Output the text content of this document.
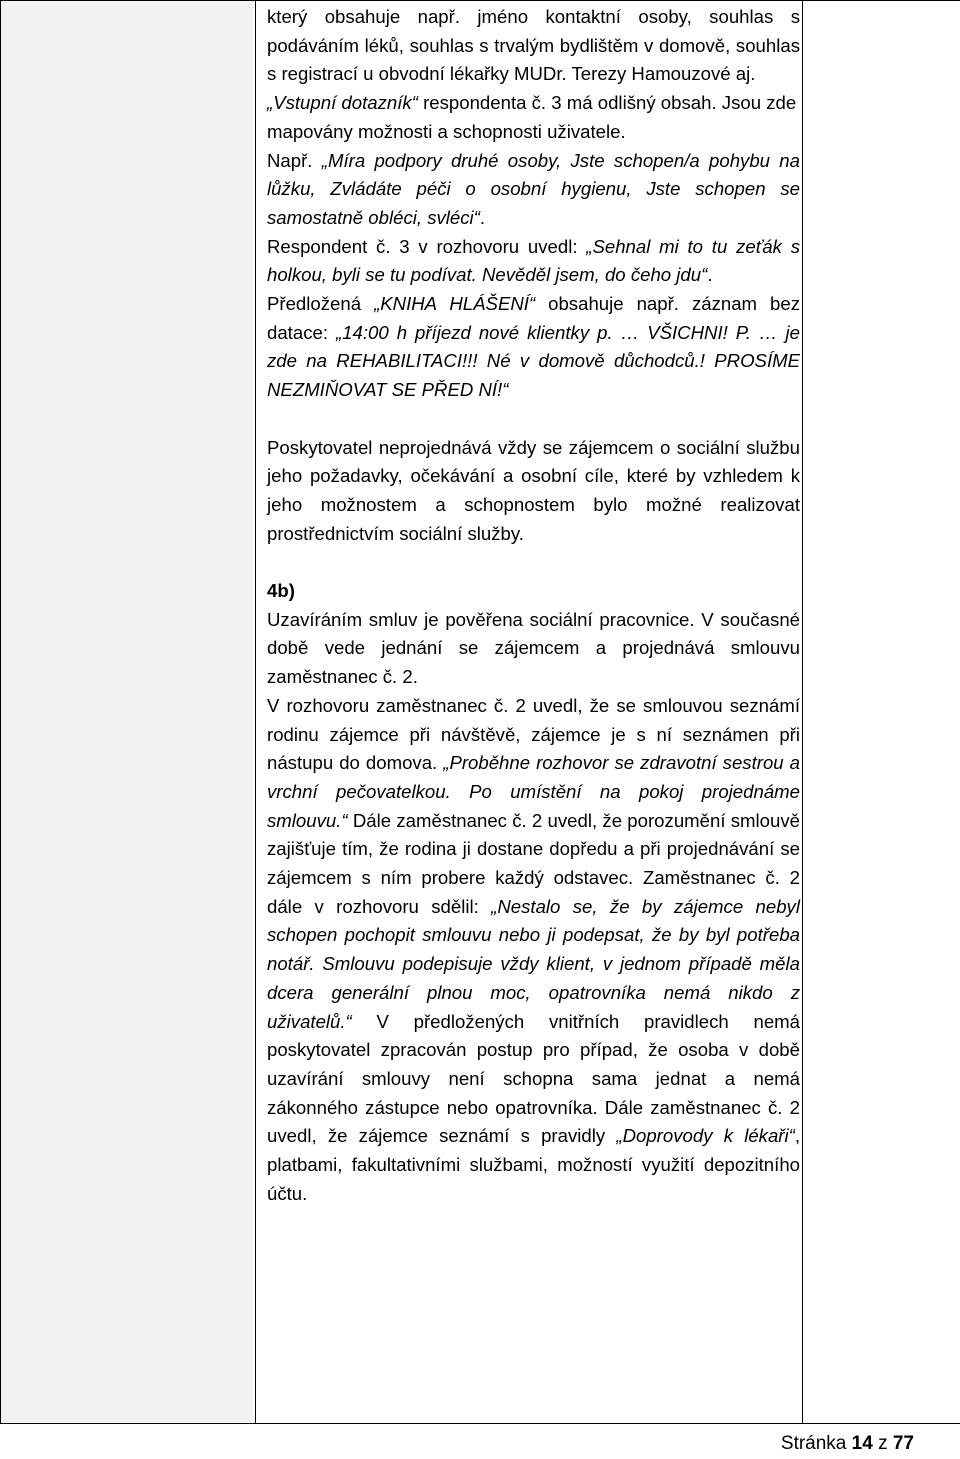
který obsahuje např. jméno kontaktní osoby, souhlas s podáváním léků, souhlas s trvalým bydlištěm v domově, souhlas s registrací u obvodní lékařky MUDr. Terezy Hamouzové aj.

„Vstupní dotazník“ respondenta č. 3 má odlišný obsah. Jsou zde mapovány možnosti a schopnosti uživatele.

Např. „Míra podpory druhé osoby, Jste schopen/a pohybu na lůžku, Zvládáte péči o osobní hygienu, Jste schopen se samostatně obléci, svléci“.

Respondent č. 3 v rozhovoru uvedl: „Sehnal mi to tu zeťák s holkou, byli se tu podívat. Nevěděl jsem, do čeho jdu“.

Předložená „KNIHA HLÁŠENÍ“ obsahuje např. záznam bez datace: „14:00 h příjezd nové klientky p. … VŠICHNI! P. … je zde na REHABILITACI!!! Né v domově důchodců.! PROSÍME NEZMIŇOVAT SE PŘED NÍ!“

Poskytovatel neprojednává vždy se zájemcem o sociální službu jeho požadavky, očekávání a osobní cíle, které by vzhledem k jeho možnostem a schopnostem bylo možné realizovat prostřednictvím sociální služby.

4b)

Uzavíráním smluv je pověřena sociální pracovnice. V současné době vede jednání se zájemcem a projednává smlouvu zaměstnanec č. 2.

V rozhovoru zaměstnanec č. 2 uvedl, že se smlouvou seznámí rodinu zájemce při návštěvě, zájemce je s ní seznámen při nástupu do domova. „Proběhne rozhovor se zdravotní sestrou a vrchní pečovatelkou. Po umístění na pokoj projednáme smlouvu.“ Dále zaměstnanec č. 2 uvedl, že porozumění smlouvě zajišťuje tím, že rodina ji dostane dopředu a při projednávání se zájemcem s ním probere každý odstavec. Zaměstnanec č. 2 dále v rozhovoru sdělil: „Nestalo se, že by zájemce nebyl schopen pochopit smlouvu nebo ji podepsat, že by byl potřeba notář. Smlouvu podepisuje vždy klient, v jednom případě měla dcera generální plnou moc, opatrovníka nemá nikdo z uživatelů.“ V předložených vnitřních pravidlech nemá poskytovatel zpracován postup pro případ, že osoba v době uzavírání smlouvy není schopna sama jednat a nemá zákonného zástupce nebo opatrovníka. Dále zaměstnanec č. 2 uvedl, že zájemce seznámí s pravidly „Doprovody k lékaři“, platbami, fakultativními službami, možností využití depozitního účtu.

Stránka 14 z 77
